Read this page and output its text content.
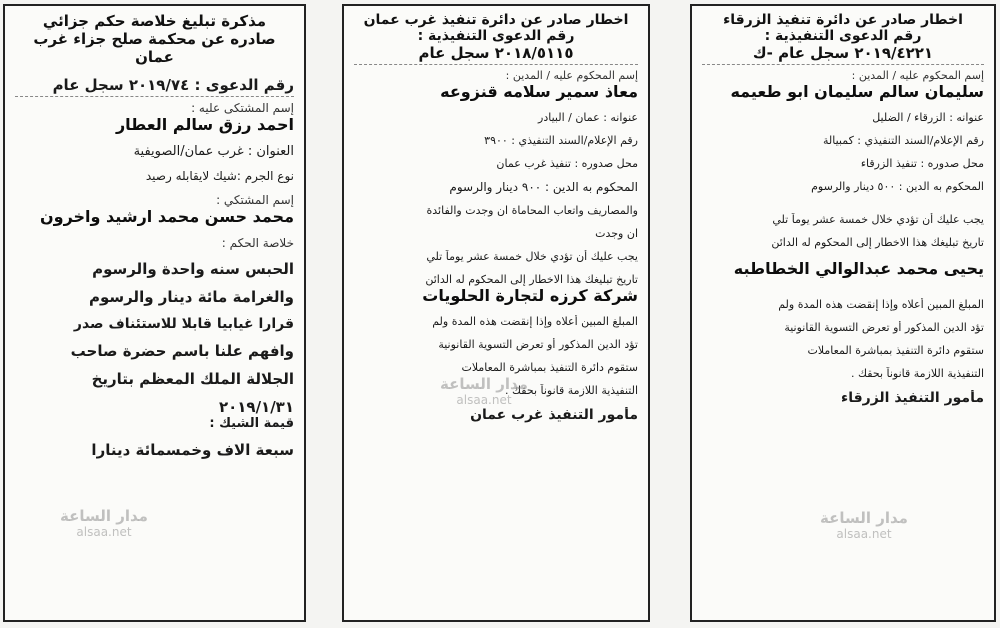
مذكرة تبليغ خلاصة حكم جزائي
صادره عن محكمة صلح جزاء غرب
عمان
رقم الدعوى : ٢٠١٩/٧٤ سجل عام
إسم المشتكى عليه :
احمد رزق سالم العطار
العنوان : غرب عمان/الصويفية
نوع الجرم :شيك لايقابله رصيد
إسم المشتكي :
محمد حسن محمد ارشيد واخرون
خلاصة الحكم :
الحبس سنه واحدة والرسوم
والغرامة مائة دينار والرسوم
قرارا غيابيا قابلا للاستئناف صدر
وافهم علنا باسم حضرة صاحب
الجلالة الملك المعظم بتاريخ
٢٠١٩/١/٣١
قيمة الشيك :
سبعة الاف وخمسمائة دينارا
اخطار صادر عن دائرة تنفيذ غرب عمان
رقم الدعوى التنفيذية :
٢٠١٨/٥١١٥ سجل عام
إسم المحكوم عليه / المدين :
معاذ سمير سلامه قنزوعه
عنوانه : عمان / البيادر
رقم الإعلام/السند التنفيذي : ٣٩٠٠
محل صدوره : تنفيذ غرب عمان
المحكوم به الدين : ٩٠٠ دينار والرسوم
والمصاريف واتعاب المحاماة ان وجدت والفائدة
ان وجدت
يجب عليك أن تؤدي خلال خمسة عشر يوماً تلي
تاريخ تبليغك هذا الاخطار إلى المحكوم له الدائن
شركة كرزه لتجارة الحلويات
المبلغ المبين أعلاه وإذا إنقضت هذه المدة ولم
تؤد الدين المذكور أو تعرض التسوية القانونية
ستقوم دائرة التنفيذ بمباشرة المعاملات
التنفيذية اللازمة قانوناً بحقك .
مأمور التنفيذ غرب عمان
اخطار صادر عن دائرة تنفيذ الزرقاء
رقم الدعوى التنفيذية :
٢٠١٩/٤٢٢١ سجل عام -ك
إسم المحكوم عليه / المدين :
سليمان سالم سليمان ابو طعيمه
عنوانه : الزرقاء / الضليل
رقم الإعلام/السند التنفيذي : كمبيالة
محل صدوره : تنفيذ الزرقاء
المحكوم به الدين : ٥٠٠ دينار والرسوم
يجب عليك أن تؤدي خلال خمسة عشر يوماً تلي
تاريخ تبليغك هذا الاخطار إلى المحكوم له الدائن
يحيى محمد عبدالوالي الخطاطبه
المبلغ المبين أعلاه وإذا إنقضت هذه المدة ولم
تؤد الدين المذكور أو تعرض التسوية القانونية
ستقوم دائرة التنفيذ بمباشرة المعاملات
التنفيذية اللازمة قانوناً بحقك .
مأمور التنفيذ الزرقاء
مدار الساعة
alsaa.net
مدار الساعة
alsaa.net
مدار الساعة
alsaa.net
